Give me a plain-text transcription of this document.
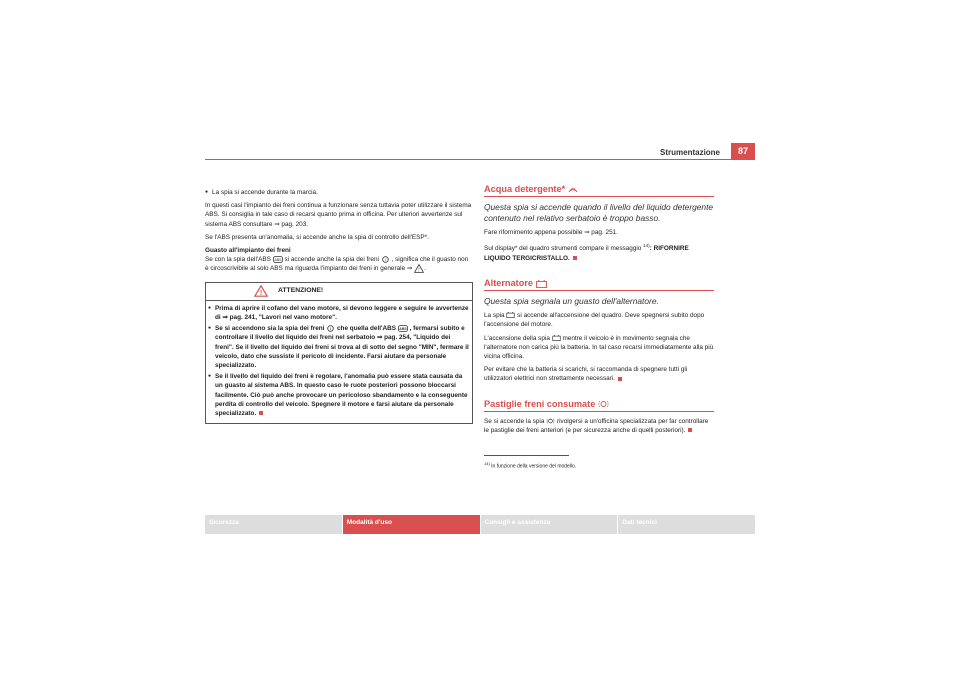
Strumentazione	87

● La spia si accende durante la marcia.

In questi casi l'impianto dei freni continua a funzionare senza tuttavia poter utilizzare il sistema ABS. Si consiglia in tale caso di recarsi quanto prima in officina. Per ulteriori avvertenze sul sistema ABS consultare ⇒ pag. 203.

Se l'ABS presenta un'anomalia, si accende anche la spia di controllo dell'ESP*.

Guasto all'impianto dei freni

Se con la spia dell'ABS ABS si accende anche la spia dei freni ! , significa che il guasto non è circoscrivibile al solo ABS ma riguarda l'impianto dei freni in generale ⇒ ! .

! ATTENZIONE!

● Prima di aprire il cofano del vano motore, si devono leggere e seguire le avvertenze di ⇒ pag. 241, "Lavori nel vano motore".

● Se si accendono sia la spia dei freni ! che quella dell'ABS ABS , fermarsi subito e controllare il livello del liquido dei freni nel serbatoio ⇒ pag. 254, "Liquido dei freni". Se il livello del liquido dei freni si trova al di sotto del segno "MIN", fermare il veicolo, dato che sussiste il pericolo di incidente. Farsi aiutare da personale specializzato.

● Se il livello del liquido dei freni è regolare, l'anomalia può essere stata causata da un guasto al sistema ABS. In questo caso le ruote posteriori possono bloccarsi facilmente. Ciò può anche provocare un pericoloso sbandamento e la conseguente perdita di controllo del veicolo. Spegnere il motore e farsi aiutare da personale specializzato.

Acqua detergente*

Questa spia si accende quando il livello del liquido detergente contenuto nel relativo serbatoio è troppo basso.

Fare rifornimento appena possibile ⇒ pag. 251.

Sul display* del quadro strumenti compare il messaggio $^{14)}$: RIFORNIRE LIQUIDO TERGICRISTALLO.

Alternatore

Questa spia segnala un guasto dell'alternatore.

La spia si accende all'accensione del quadro. Deve spegnersi subito dopo l'accensione del motore.

L'accensione della spia mentre il veicolo è in movimento segnala che l'alternatore non carica più la batteria. In tal caso recarsi immediatamente alla più vicina officina.

Per evitare che la batteria si scarichi, si raccomanda di spegnere tutti gli utilizzatori elettrici non strettamente necessari.

Pastiglie freni consumate

Se si accende la spia rivolgersi a un'officina specializzata per far controllare le pastiglie dei freni anteriori (e per sicurezza anche di quelli posteriori).

$^{14)}$ In funzione della versione del modello.
Sicurezza	Modalità d'uso	Consigli e assistenza	Dati tecnici
